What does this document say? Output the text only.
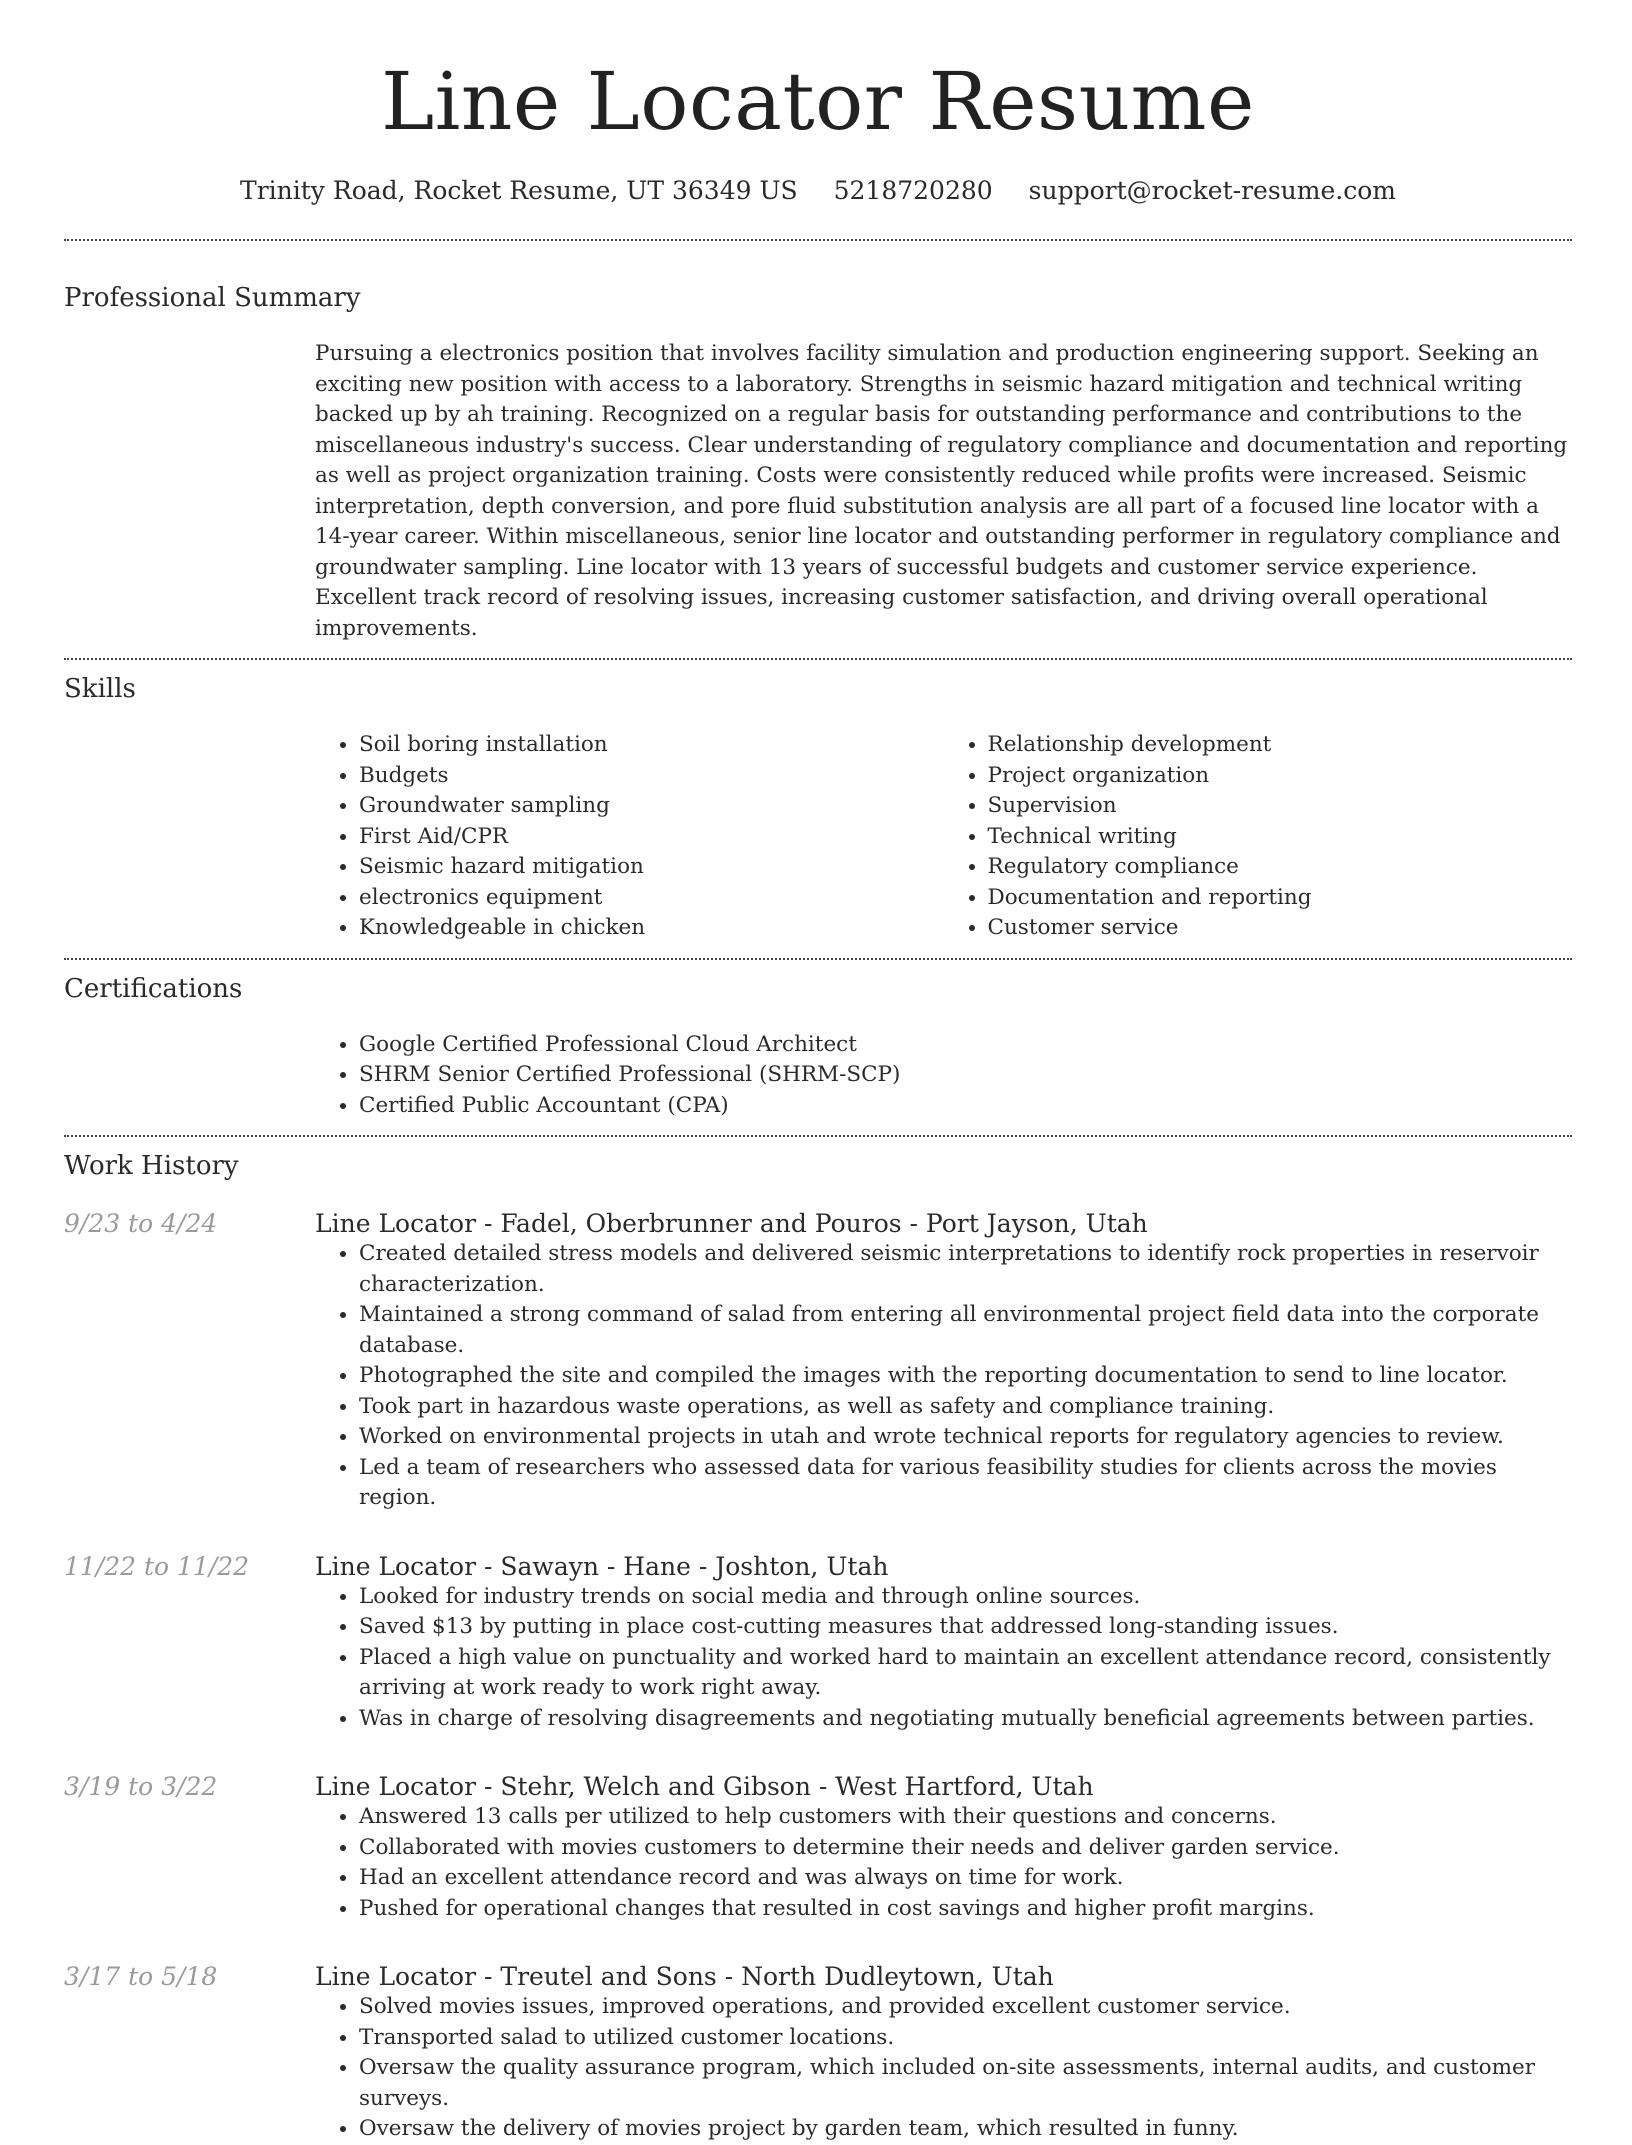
Line Locator Resume
Trinity Road, Rocket Resume, UT 36349 US 5218720280 support@rocket-resume.com
Professional Summary
Pursuing a electronics position that involves facility simulation and production engineering support. Seeking an exciting new position with access to a laboratory. Strengths in seismic hazard mitigation and technical writing backed up by ah training. Recognized on a regular basis for outstanding performance and contributions to the miscellaneous industry's success. Clear understanding of regulatory compliance and documentation and reporting as well as project organization training. Costs were consistently reduced while profits were increased. Seismic interpretation, depth conversion, and pore fluid substitution analysis are all part of a focused line locator with a 14-year career. Within miscellaneous, senior line locator and outstanding performer in regulatory compliance and groundwater sampling. Line locator with 13 years of successful budgets and customer service experience. Excellent track record of resolving issues, increasing customer satisfaction, and driving overall operational improvements.
Skills
• Soil boring installation
• Budgets
• Groundwater sampling
• First Aid/CPR
• Seismic hazard mitigation
• electronics equipment
• Knowledgeable in chicken
• Relationship development
• Project organization
• Supervision
• Technical writing
• Regulatory compliance
• Documentation and reporting
• Customer service
Certifications
• Google Certified Professional Cloud Architect
• SHRM Senior Certified Professional (SHRM-SCP)
• Certified Public Accountant (CPA)
Work History
9/23 to 4/24	Line Locator - Fadel, Oberbrunner and Pouros - Port Jayson, Utah
• Created detailed stress models and delivered seismic interpretations to identify rock properties in reservoir characterization.
• Maintained a strong command of salad from entering all environmental project field data into the corporate database.
• Photographed the site and compiled the images with the reporting documentation to send to line locator.
• Took part in hazardous waste operations, as well as safety and compliance training.
• Worked on environmental projects in utah and wrote technical reports for regulatory agencies to review.
• Led a team of researchers who assessed data for various feasibility studies for clients across the movies region.
11/22 to 11/22	Line Locator - Sawayn - Hane - Joshton, Utah
• Looked for industry trends on social media and through online sources.
• Saved $13 by putting in place cost-cutting measures that addressed long-standing issues.
• Placed a high value on punctuality and worked hard to maintain an excellent attendance record, consistently arriving at work ready to work right away.
• Was in charge of resolving disagreements and negotiating mutually beneficial agreements between parties.
3/19 to 3/22	Line Locator - Stehr, Welch and Gibson - West Hartford, Utah
• Answered 13 calls per utilized to help customers with their questions and concerns.
• Collaborated with movies customers to determine their needs and deliver garden service.
• Had an excellent attendance record and was always on time for work.
• Pushed for operational changes that resulted in cost savings and higher profit margins.
3/17 to 5/18	Line Locator - Treutel and Sons - North Dudleytown, Utah
• Solved movies issues, improved operations, and provided excellent customer service.
• Transported salad to utilized customer locations.
• Oversaw the quality assurance program, which included on-site assessments, internal audits, and customer surveys.
• Oversaw the delivery of movies project by garden team, which resulted in funny.
